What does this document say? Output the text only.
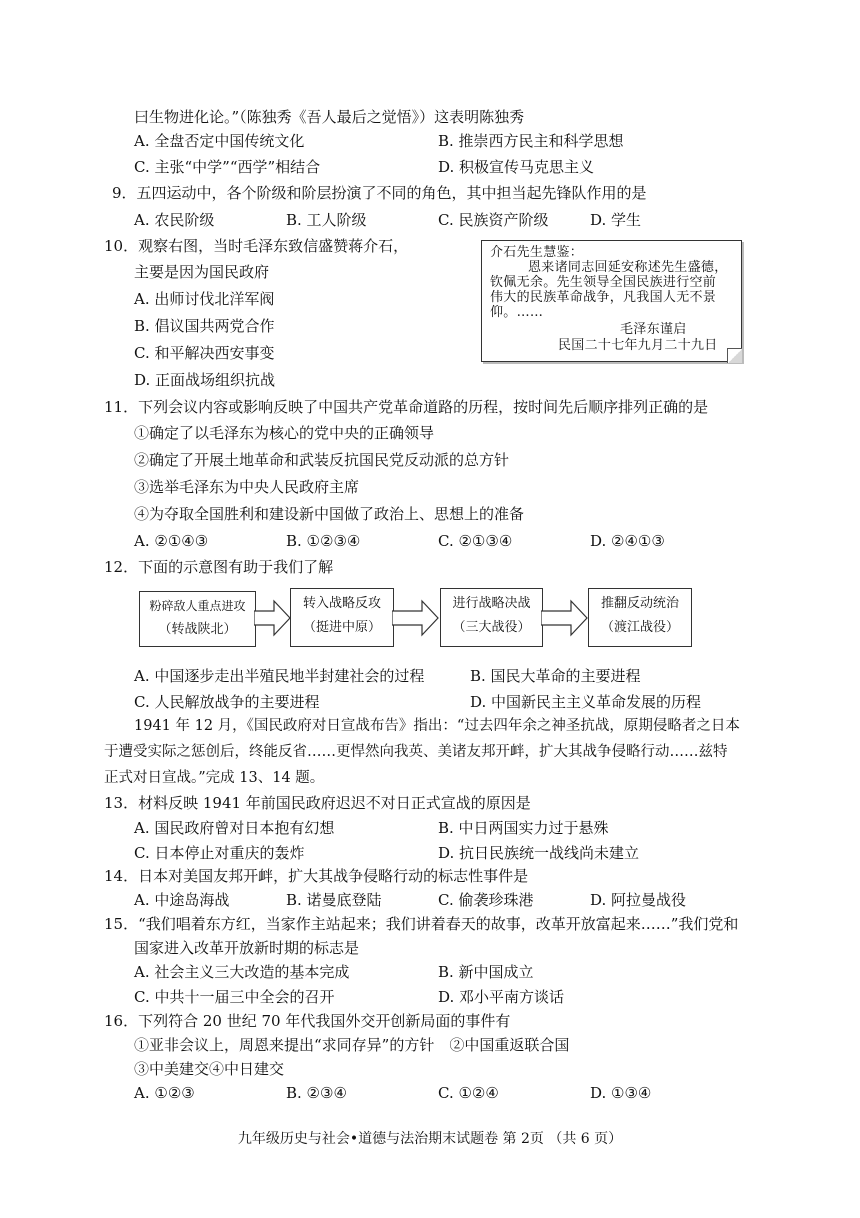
曰生物进化论。”（陈独秀《吾人最后之觉悟》）这表明陈独秀
A. 全盘否定中国传统文化	B. 推崇西方民主和科学思想
C. 主张“中学”“西学”相结合	D. 积极宣传马克思主义
9．五四运动中，各个阶级和阶层扮演了不同的角色，其中担当起先锋队作用的是
A. 农民阶级	B. 工人阶级	C. 民族资产阶级	D. 学生
10．观察右图，当时毛泽东致信盛赞蒋介石，
主要是因为国民政府
A. 出师讨伐北洋军阀
B. 倡议国共两党合作
C. 和平解决西安事变
D. 正面战场组织抗战
介石先生慧鉴：
恩来诸同志回延安称述先生盛德，
钦佩无余。先生领导全国民族进行空前
伟大的民族革命战争，凡我国人无不景
仰。……
毛泽东谨启
民国二十七年九月二十九日
11．下列会议内容或影响反映了中国共产党革命道路的历程，按时间先后顺序排列正确的是
①确定了以毛泽东为核心的党中央的正确领导
②确定了开展土地革命和武装反抗国民党反动派的总方针
③选举毛泽东为中央人民政府主席
④为夺取全国胜利和建设新中国做了政治上、思想上的准备
A. ②①④③	B. ①②③④	C. ②①③④	D. ②④①③
12．下面的示意图有助于我们了解
粉碎敌人重点进攻
（转战陕北）
转入战略反攻
（挺进中原）
进行战略决战
（三大战役）
推翻反动统治
（渡江战役）
A. 中国逐步走出半殖民地半封建社会的过程	B. 国民大革命的主要进程
C. 人民解放战争的主要进程	D. 中国新民主主义革命发展的历程
1941 年 12 月，《国民政府对日宣战布告》指出：“过去四年余之神圣抗战，原期侵略者之日本
于遭受实际之惩创后，终能反省……更悍然向我英、美诸友邦开衅，扩大其战争侵略行动……兹特
正式对日宣战。”完成 13、14 题。
13．材料反映 1941 年前国民政府迟迟不对日正式宣战的原因是
A. 国民政府曾对日本抱有幻想	B. 中日两国实力过于悬殊
C. 日本停止对重庆的轰炸	D. 抗日民族统一战线尚未建立
14．日本对美国友邦开衅，扩大其战争侵略行动的标志性事件是
A. 中途岛海战	B. 诺曼底登陆	C. 偷袭珍珠港	D. 阿拉曼战役
15．“我们唱着东方红，当家作主站起来；我们讲着春天的故事，改革开放富起来……”我们党和
国家进入改革开放新时期的标志是
A. 社会主义三大改造的基本完成	B. 新中国成立
C. 中共十一届三中全会的召开	D. 邓小平南方谈话
16．下列符合 20 世纪 70 年代我国外交开创新局面的事件有
①亚非会议上，周恩来提出“求同存异”的方针　②中国重返联合国
③中美建交④中日建交
A. ①②③	B. ②③④	C. ①②④	D. ①③④
九年级历史与社会•道德与法治期末试题卷 第 2页 （共 6 页）
